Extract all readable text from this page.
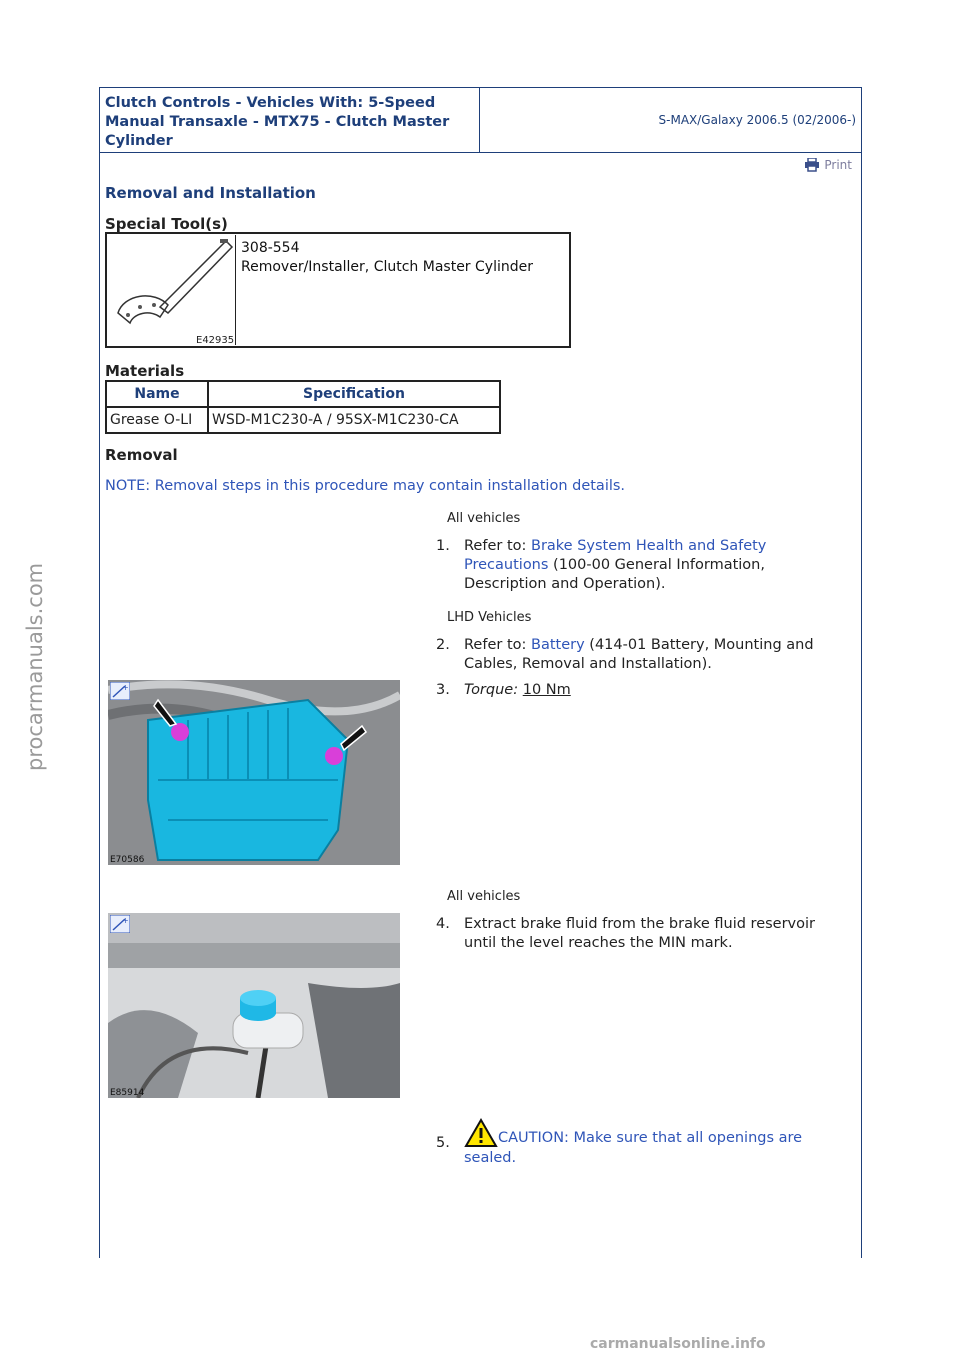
Clutch Controls - Vehicles With: 5-Speed
Manual Transaxle - MTX75 - Clutch Master
Cylinder
S-MAX/Galaxy 2006.5 (02/2006-)
Print
Removal and Installation
Special Tool(s)
E42935
308-554
Remover/Installer, Clutch Master Cylinder
Materials
Name	Specification
Grease O-LI	WSD-M1C230-A / 95SX-M1C230-CA
Removal
NOTE: Removal steps in this procedure may contain installation details.
All vehicles
1. Refer to: Brake System Health and Safety Precautions (100-00 General Information, Description and Operation).
LHD Vehicles
2. Refer to: Battery (414-01 Battery, Mounting and Cables, Removal and Installation).
E70586
+	3. Torque: 10 Nm
All vehicles
E85914
+	4. Extract brake fluid from the brake fluid reservoir until the level reaches the MIN mark.
5.	CAUTION: Make sure that all openings are sealed.
procarmanuals.com
carmanualsonline.info
